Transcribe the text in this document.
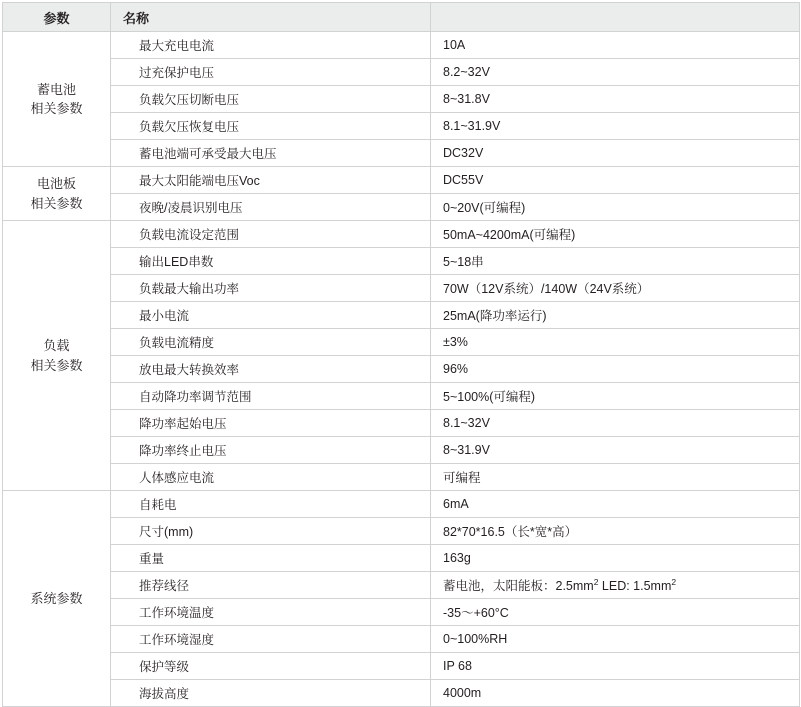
参数	名称	
蓄电池
相关参数	最大充电电流	10A
	过充保护电压	8.2~32V
	负载欠压切断电压	8~31.8V
	负载欠压恢复电压	8.1~31.9V
	蓄电池端可承受最大电压	DC32V
电池板
相关参数	最大太阳能端电压Voc	DC55V
	夜晚/凌晨识别电压	0~20V(可编程)
负载
相关参数	负载电流设定范围	50mA~4200mA(可编程)
	输出LED串数	5~18串
	负载最大输出功率	70W（12V系统）/140W（24V系统）
	最小电流	25mA(降功率运行)
	负载电流精度	±3%
	放电最大转换效率	96%
	自动降功率调节范围	5~100%(可编程)
	降功率起始电压	8.1~32V
	降功率终止电压	8~31.9V
	人体感应电流	可编程
系统参数	自耗电	6mA
	尺寸(mm)	82*70*16.5（长*宽*高）
	重量	163g
	推荐线径	蓄电池，太阳能板：$2.5mm^2$ LED: $1.5mm^2$
	工作环境温度	-35～+60°C
	工作环境湿度	0~100%RH
	保护等级	IP 68
	海拔高度	4000m
